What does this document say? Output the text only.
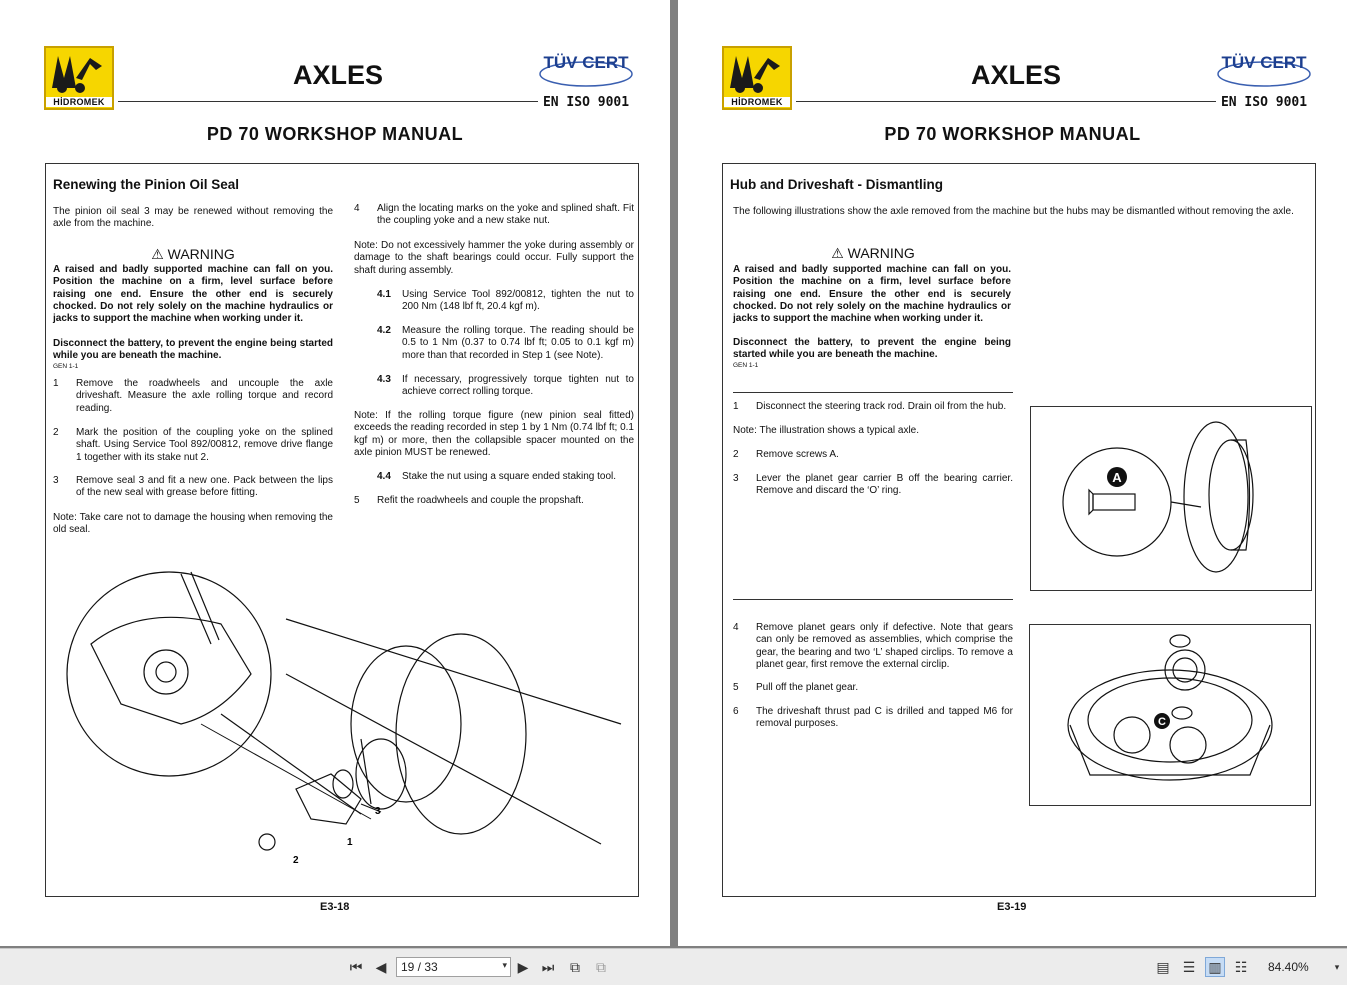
HİDROMEK
AXLES	TÜV CERT
EN ISO 9001
PD 70 WORKSHOP MANUAL
Renewing the Pinion Oil Seal
The pinion oil seal 3 may be renewed without removing the axle from the machine.
⚠ WARNING
A raised and badly supported machine can fall on you. Position the machine on a firm, level surface before raising one end. Ensure the other end is securely chocked. Do not rely solely on the machine hydraulics or jacks to support the machine when working under it.
Disconnect the battery, to prevent the engine being started while you are beneath the machine.
GEN 1-1
1 Remove the roadwheels and uncouple the axle driveshaft. Measure the axle rolling torque and record reading.
2 Mark the position of the coupling yoke on the splined shaft. Using Service Tool 892/00812, remove drive flange 1 together with its stake nut 2.
3 Remove seal 3 and fit a new one. Pack between the lips of the new seal with grease before fitting.
Note: Take care not to damage the housing when removing the old seal.
4 Align the locating marks on the yoke and splined shaft. Fit the coupling yoke and a new stake nut.
Note: Do not excessively hammer the yoke during assembly or damage to the shaft bearings could occur. Fully support the shaft during assembly.
4.1 Using Service Tool 892/00812, tighten the nut to 200 Nm (148 lbf ft, 20.4 kgf m).
4.2 Measure the rolling torque. The reading should be 0.5 to 1 Nm (0.37 to 0.74 lbf ft; 0.05 to 0.1 kgf m) more than that recorded in Step 1 (see Note).
4.3 If necessary, progressively torque tighten nut to achieve correct rolling torque.
Note: If the rolling torque figure (new pinion seal fitted) exceeds the reading recorded in step 1 by 1 Nm (0.74 lbf ft; 0.1 kgf m) or more, then the collapsible spacer mounted on the axle pinion MUST be renewed.
4.4 Stake the nut using a square ended staking tool.
5 Refit the roadwheels and couple the propshaft.
3
1
2
E3-18
HİDROMEK
AXLES	TÜV CERT
EN ISO 9001
PD 70 WORKSHOP MANUAL
Hub and Driveshaft - Dismantling
The following illustrations show the axle removed from the machine but the hubs may be dismantled without removing the axle.
⚠ WARNING
A raised and badly supported machine can fall on you. Position the machine on a firm, level surface before raising one end. Ensure the other end is securely chocked. Do not rely solely on the machine hydraulics or jacks to support the machine when working under it.
Disconnect the battery, to prevent the engine being started while you are beneath the machine.
GEN 1-1
1 Disconnect the steering track rod. Drain oil from the hub.
Note: The illustration shows a typical axle.
2 Remove screws A.
3 Lever the planet gear carrier B off the bearing carrier. Remove and discard the ‘O’ ring.
4 Remove planet gears only if defective. Note that gears can only be removed as assemblies, which comprise the gear, the bearing and two ‘L’ shaped circlips. To remove a planet gear, first remove the external circlip.
5 Pull off the planet gear.
6 The driveshaft thrust pad C is drilled and tapped M6 for removal purposes.
A
C
E3-19
⏮ ◀	19 / 33	▾ ▶ ⏭	⧉	⧉	▤ ☰ ▥ ☷	84.40%	▾
